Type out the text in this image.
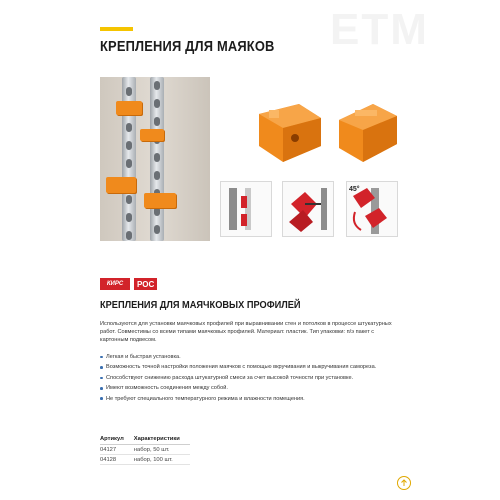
ETM
КРЕПЛЕНИЯ ДЛЯ МАЯКОВ
45°
КИРС	РОС
КРЕПЛЕНИЯ ДЛЯ МАЯЧКОВЫХ ПРОФИЛЕЙ
Используются для установки маячковых профилей при выравнивании стен и потолков в процессе штукатурных работ. Совместимы со всеми типами маячковых профилей. Материал: пластик. Тип упаковки: п/э пакет с картонным подвесом.
Легкая и быстрая установка.
Возможность точной настройки положения маячков с помощью вкручивания и выкручивания самореза.
Способствуют снижению расхода штукатурной смеси за счет высокой точности при установке.
Имеют возможность соединения между собой.
Не требуют специального температурного режима и влажности помещения.
Артикул	Характеристики
04127	набор, 50 шт.
04128	набор, 100 шт.
